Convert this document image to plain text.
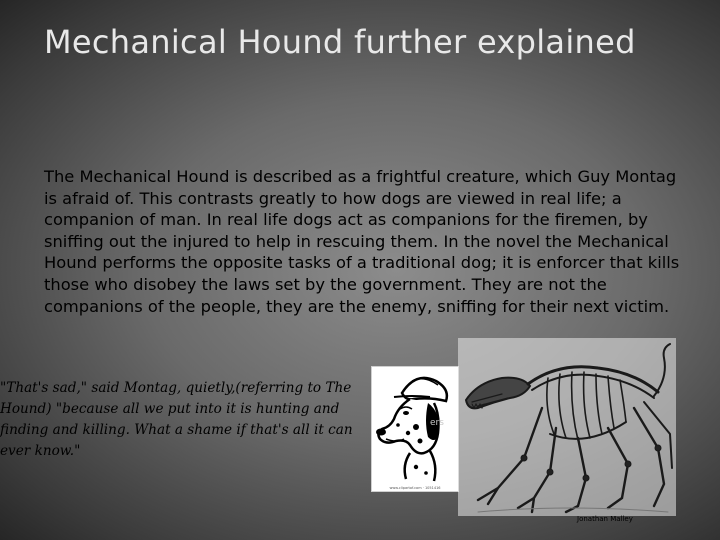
Mechanical Hound further explained
The Mechanical Hound is described as a frightful creature, which Guy Montag is afraid of. This contrasts greatly to how dogs are viewed in real life; a companion of man. In real life dogs act as companions for the firemen, by sniffing out the injured to help in rescuing them. In the novel the Mechanical Hound performs the opposite tasks of a traditional dog; it is enforcer that kills those who disobey the laws set by the government. They are not the companions of the people, they are the enemy, sniffing for their next victim.
"That's sad," said Montag, quietly,(referring to The Hound) "because all we put into it is hunting and finding and killing. What a shame if that's all it can ever know."
ers
www.clipartof.com · 1051416
Jonathan Malley
